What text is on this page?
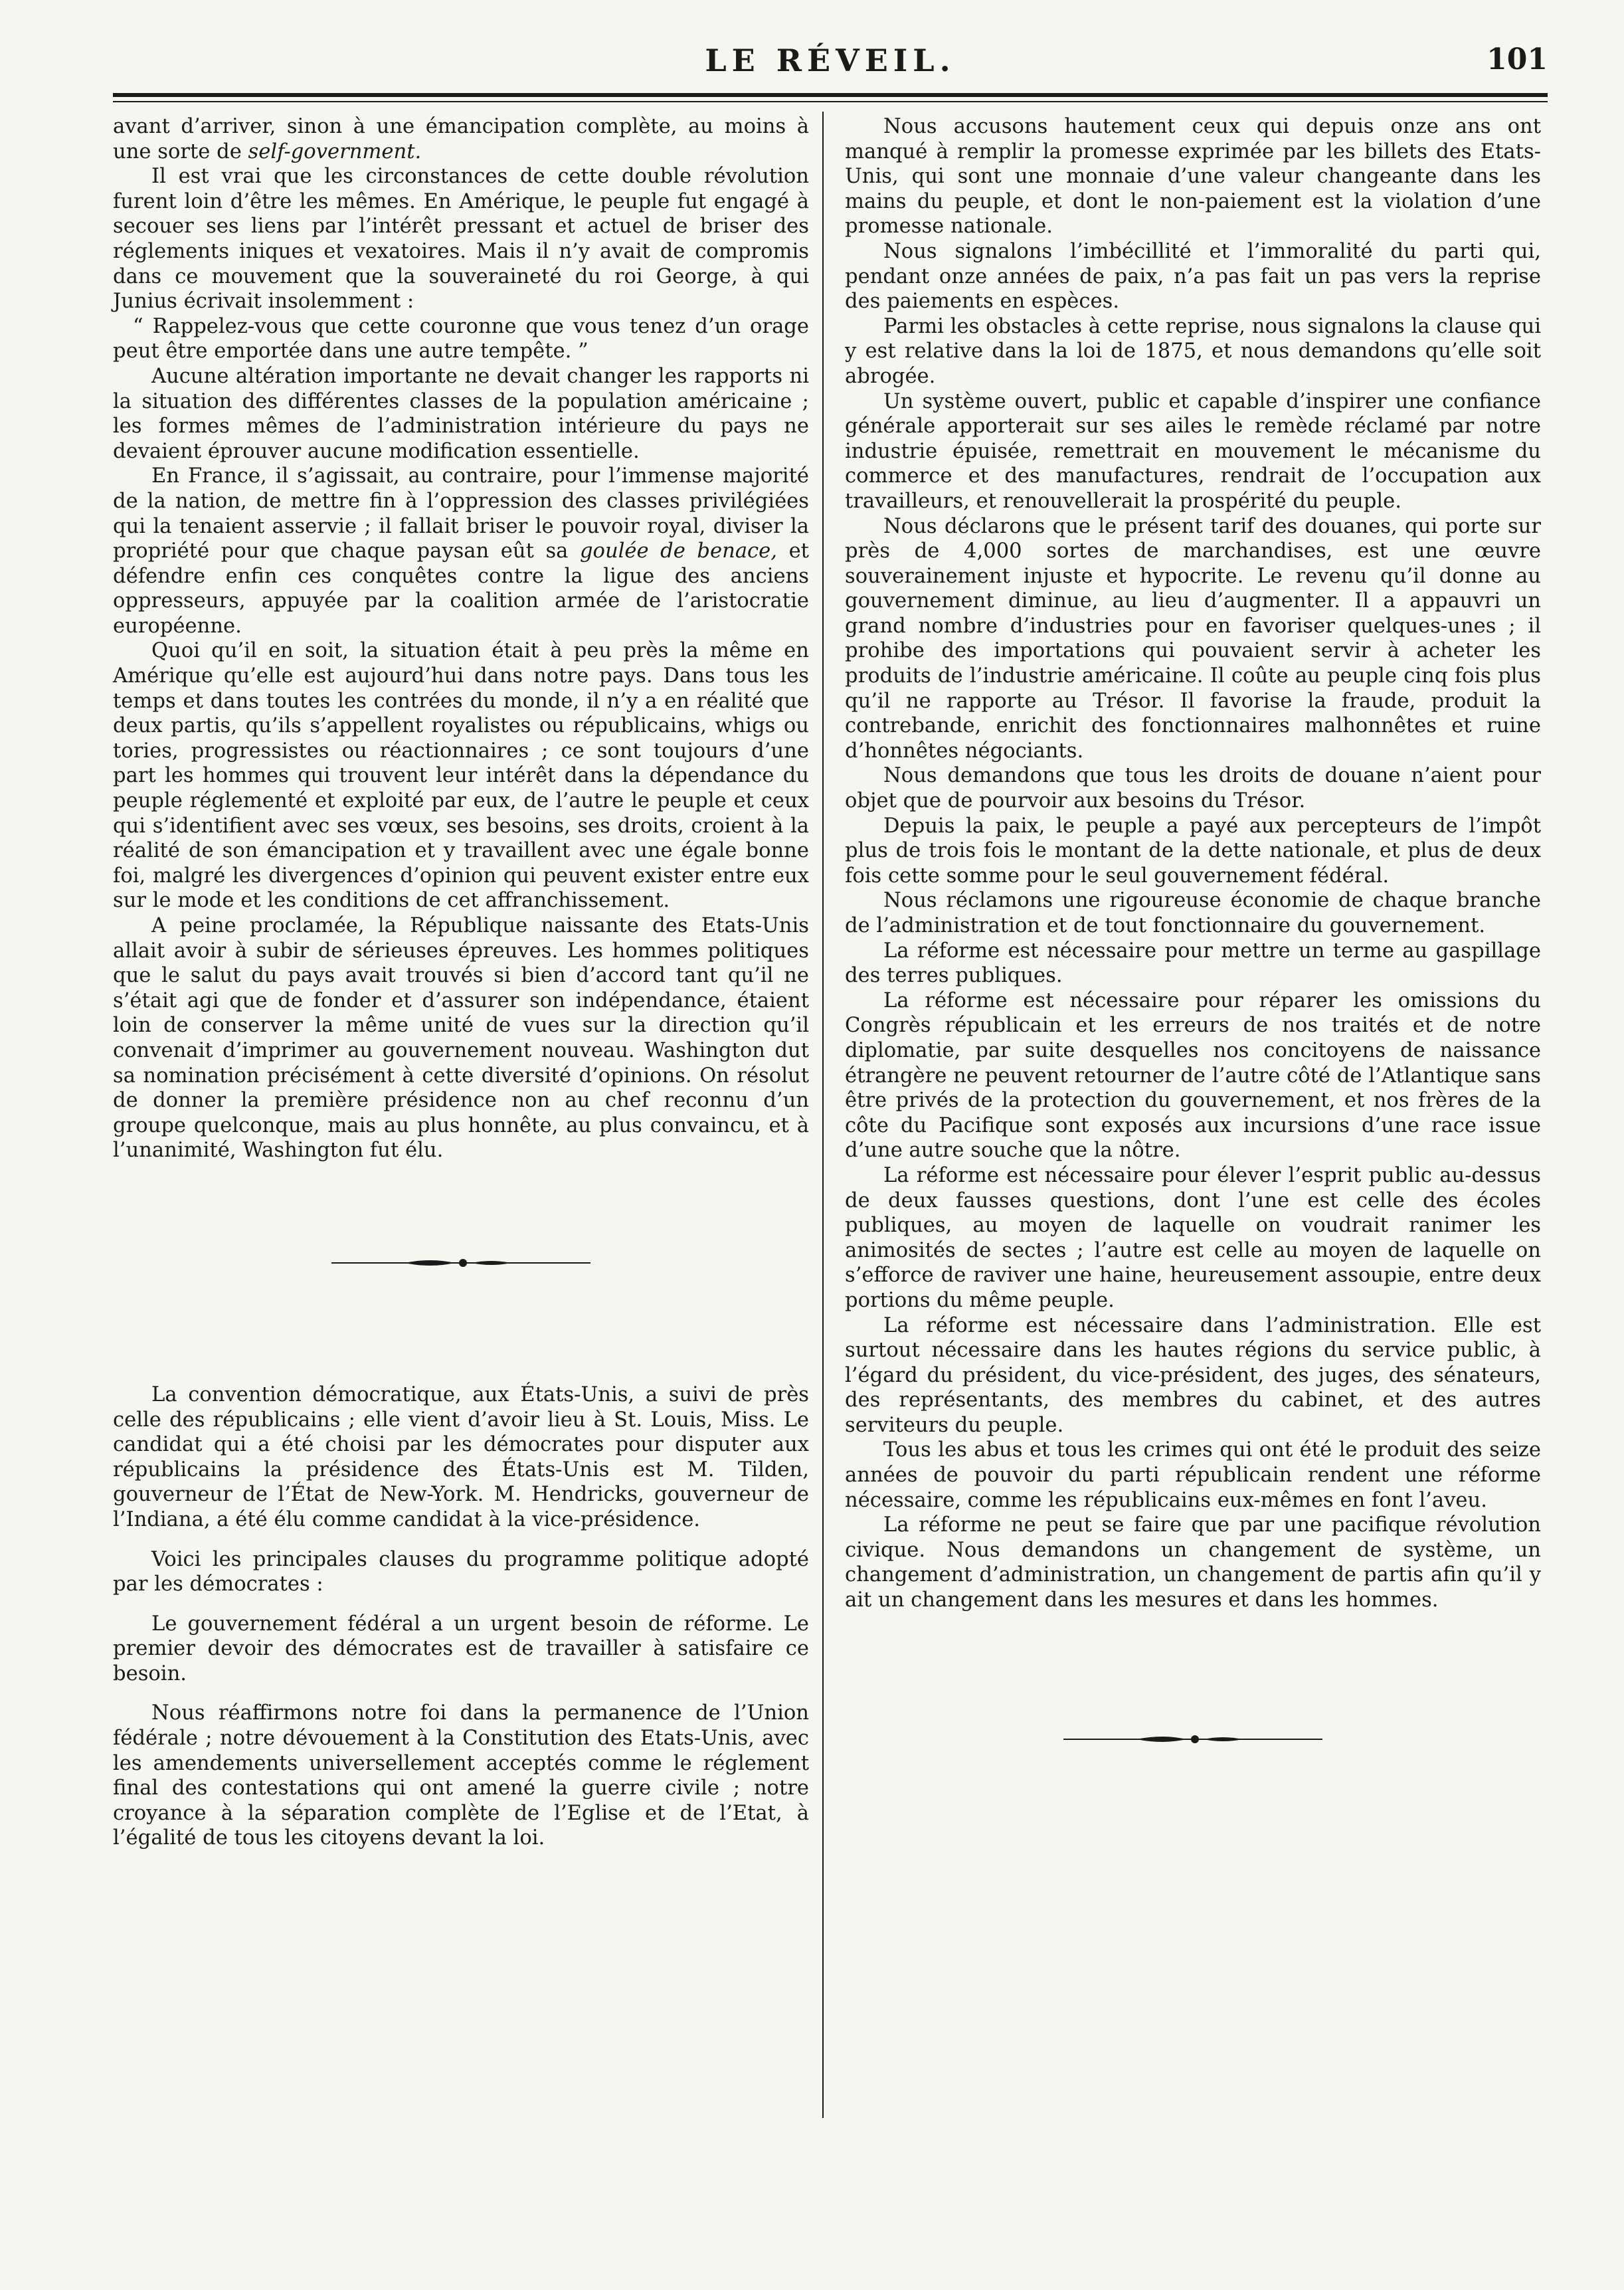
LE RÉVEIL.	101

avant d’arriver, sinon à une émancipation complète, au moins à une sorte de self-government.

Il est vrai que les circonstances de cette double révolution furent loin d’être les mêmes. En Amérique, le peuple fut engagé à secouer ses liens par l’intérêt pressant et actuel de briser des réglements iniques et vexatoires. Mais il n’y avait de compromis dans ce mouvement que la souveraineté du roi George, à qui Junius écrivait insolemment :

“ Rappelez-vous que cette couronne que vous tenez d’un orage peut être emportée dans une autre tempête. ”

Aucune altération importante ne devait changer les rapports ni la situation des différentes classes de la population américaine ; les formes mêmes de l’administration intérieure du pays ne devaient éprouver aucune modification essentielle.

En France, il s’agissait, au contraire, pour l’immense majorité de la nation, de mettre fin à l’oppression des classes privilégiées qui la tenaient asservie ; il fallait briser le pouvoir royal, diviser la propriété pour que chaque paysan eût sa goulée de benace, et défendre enfin ces conquêtes contre la ligue des anciens oppresseurs, appuyée par la coalition armée de l’aristocratie européenne.

Quoi qu’il en soit, la situation était à peu près la même en Amérique qu’elle est aujourd’hui dans notre pays. Dans tous les temps et dans toutes les contrées du monde, il n’y a en réalité que deux partis, qu’ils s’appellent royalistes ou républicains, whigs ou tories, progressistes ou réactionnaires ; ce sont toujours d’une part les hommes qui trouvent leur intérêt dans la dépendance du peuple réglementé et exploité par eux, de l’autre le peuple et ceux qui s’identifient avec ses vœux, ses besoins, ses droits, croient à la réalité de son émancipation et y travaillent avec une égale bonne foi, malgré les divergences d’opinion qui peuvent exister entre eux sur le mode et les conditions de cet affranchissement.

A peine proclamée, la République naissante des Etats-Unis allait avoir à subir de sérieuses épreuves. Les hommes politiques que le salut du pays avait trouvés si bien d’accord tant qu’il ne s’était agi que de fonder et d’assurer son indépendance, étaient loin de conserver la même unité de vues sur la direction qu’il convenait d’imprimer au gouvernement nouveau. Washington dut sa nomination précisément à cette diversité d’opinions. On résolut de donner la première présidence non au chef reconnu d’un groupe quelconque, mais au plus honnête, au plus convaincu, et à l’unanimité, Washington fut élu.

La convention démocratique, aux États-Unis, a suivi de près celle des républicains ; elle vient d’avoir lieu à St. Louis, Miss. Le candidat qui a été choisi par les démocrates pour disputer aux républicains la présidence des États-Unis est M. Tilden, gouverneur de l’État de New-York. M. Hendricks, gouverneur de l’Indiana, a été élu comme candidat à la vice-présidence.

Voici les principales clauses du programme politique adopté par les démocrates :

Le gouvernement fédéral a un urgent besoin de réforme. Le premier devoir des démocrates est de travailler à satisfaire ce besoin.

Nous réaffirmons notre foi dans la permanence de l’Union fédérale ; notre dévouement à la Constitution des Etats-Unis, avec les amendements universellement acceptés comme le réglement final des contestations qui ont amené la guerre civile ; notre croyance à la séparation complète de l’Eglise et de l’Etat, à l’égalité de tous les citoyens devant la loi.

Nous accusons hautement ceux qui depuis onze ans ont manqué à remplir la promesse exprimée par les billets des Etats-Unis, qui sont une monnaie d’une valeur changeante dans les mains du peuple, et dont le non-paiement est la violation d’une promesse nationale.

Nous signalons l’imbécillité et l’immoralité du parti qui, pendant onze années de paix, n’a pas fait un pas vers la reprise des paiements en espèces.

Parmi les obstacles à cette reprise, nous signalons la clause qui y est relative dans la loi de 1875, et nous demandons qu’elle soit abrogée.

Un système ouvert, public et capable d’inspirer une confiance générale apporterait sur ses ailes le remède réclamé par notre industrie épuisée, remettrait en mouvement le mécanisme du commerce et des manufactures, rendrait de l’occupation aux travailleurs, et renouvellerait la prospérité du peuple.

Nous déclarons que le présent tarif des douanes, qui porte sur près de 4,000 sortes de marchandises, est une œuvre souverainement injuste et hypocrite. Le revenu qu’il donne au gouvernement diminue, au lieu d’augmenter. Il a appauvri un grand nombre d’industries pour en favoriser quelques-unes ; il prohibe des importations qui pouvaient servir à acheter les produits de l’industrie américaine. Il coûte au peuple cinq fois plus qu’il ne rapporte au Trésor. Il favorise la fraude, produit la contrebande, enrichit des fonctionnaires malhonnêtes et ruine d’honnêtes négociants.

Nous demandons que tous les droits de douane n’aient pour objet que de pourvoir aux besoins du Trésor.

Depuis la paix, le peuple a payé aux percepteurs de l’impôt plus de trois fois le montant de la dette nationale, et plus de deux fois cette somme pour le seul gouvernement fédéral.

Nous réclamons une rigoureuse économie de chaque branche de l’administration et de tout fonctionnaire du gouvernement.

La réforme est nécessaire pour mettre un terme au gaspillage des terres publiques.

La réforme est nécessaire pour réparer les omissions du Congrès républicain et les erreurs de nos traités et de notre diplomatie, par suite desquelles nos concitoyens de naissance étrangère ne peuvent retourner de l’autre côté de l’Atlantique sans être privés de la protection du gouvernement, et nos frères de la côte du Pacifique sont exposés aux incursions d’une race issue d’une autre souche que la nôtre.

La réforme est nécessaire pour élever l’esprit public au-dessus de deux fausses questions, dont l’une est celle des écoles publiques, au moyen de laquelle on voudrait ranimer les animosités de sectes ; l’autre est celle au moyen de laquelle on s’efforce de raviver une haine, heureusement assoupie, entre deux portions du même peuple.

La réforme est nécessaire dans l’administration. Elle est surtout nécessaire dans les hautes régions du service public, à l’égard du président, du vice-président, des juges, des sénateurs, des représentants, des membres du cabinet, et des autres serviteurs du peuple.

Tous les abus et tous les crimes qui ont été le produit des seize années de pouvoir du parti républicain rendent une réforme nécessaire, comme les républicains eux-mêmes en font l’aveu.

La réforme ne peut se faire que par une pacifique révolution civique. Nous demandons un changement de système, un changement d’administration, un changement de partis afin qu’il y ait un changement dans les mesures et dans les hommes.
